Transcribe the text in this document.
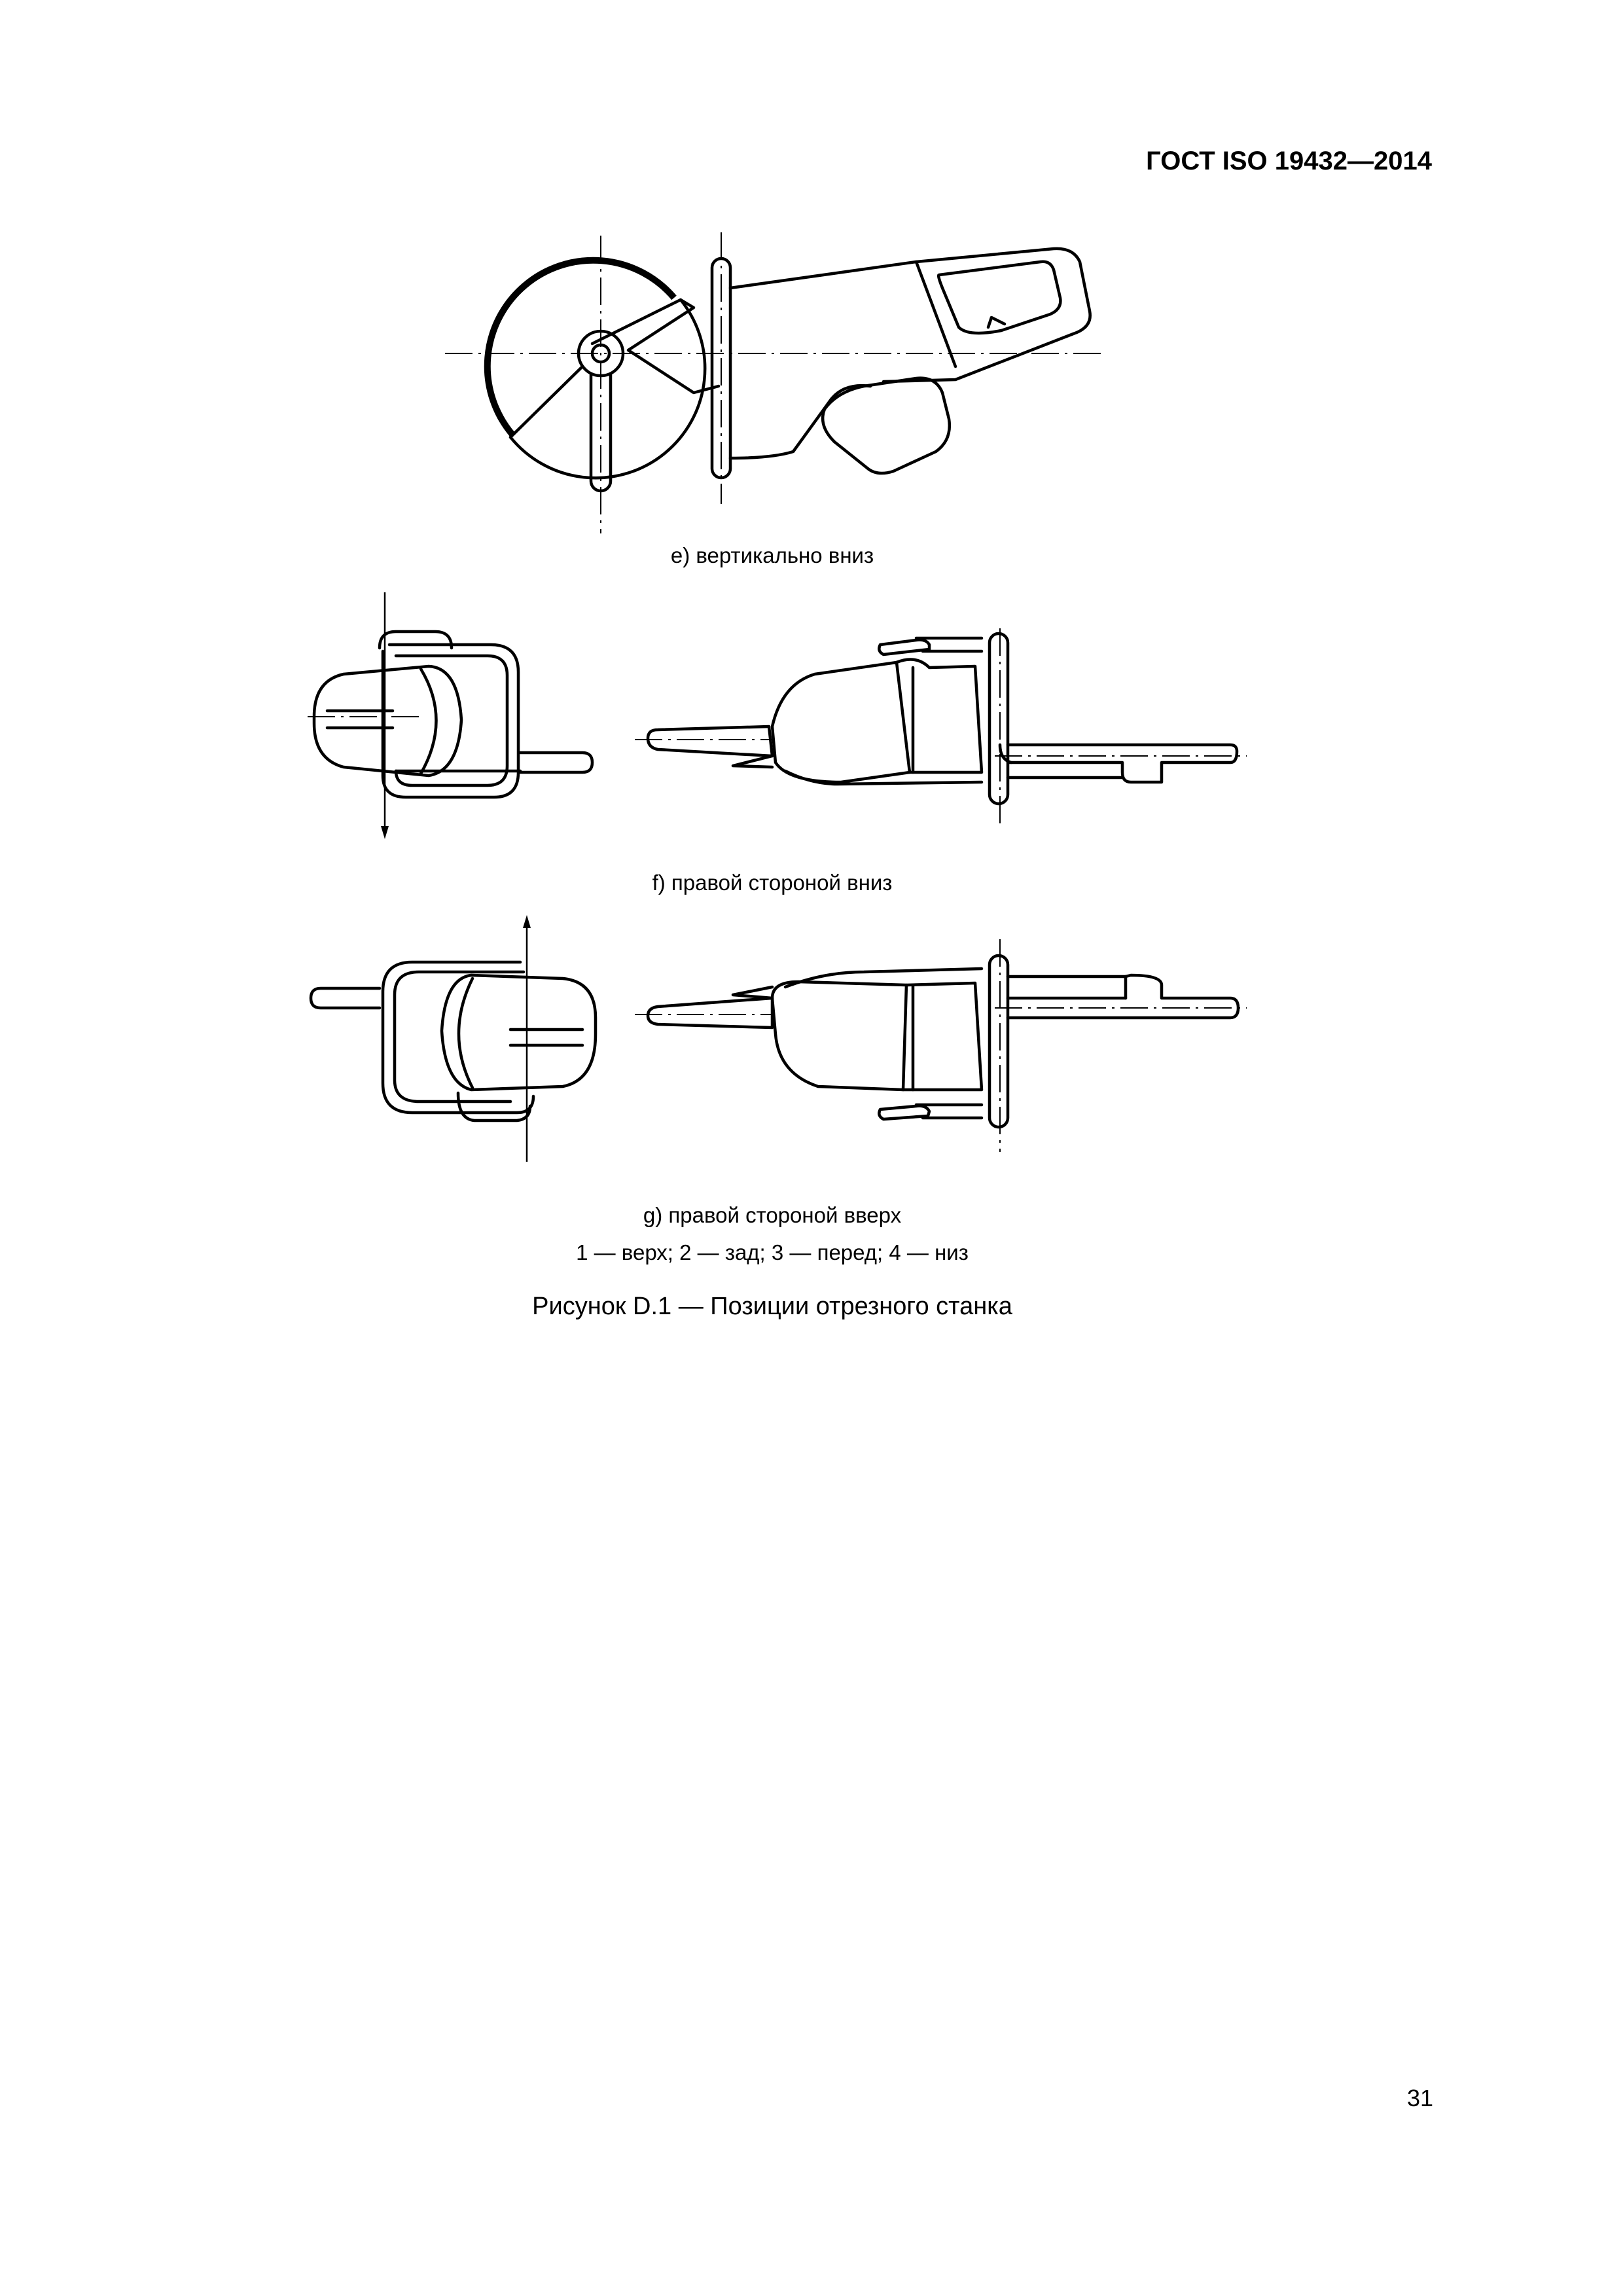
ГОСТ ISO 19432—2014
е) вертикально вниз
f) правой стороной вниз
g) правой стороной вверх
1 — верх; 2 — зад; 3 — перед; 4 — низ
Рисунок D.1 — Позиции отрезного станка
31
